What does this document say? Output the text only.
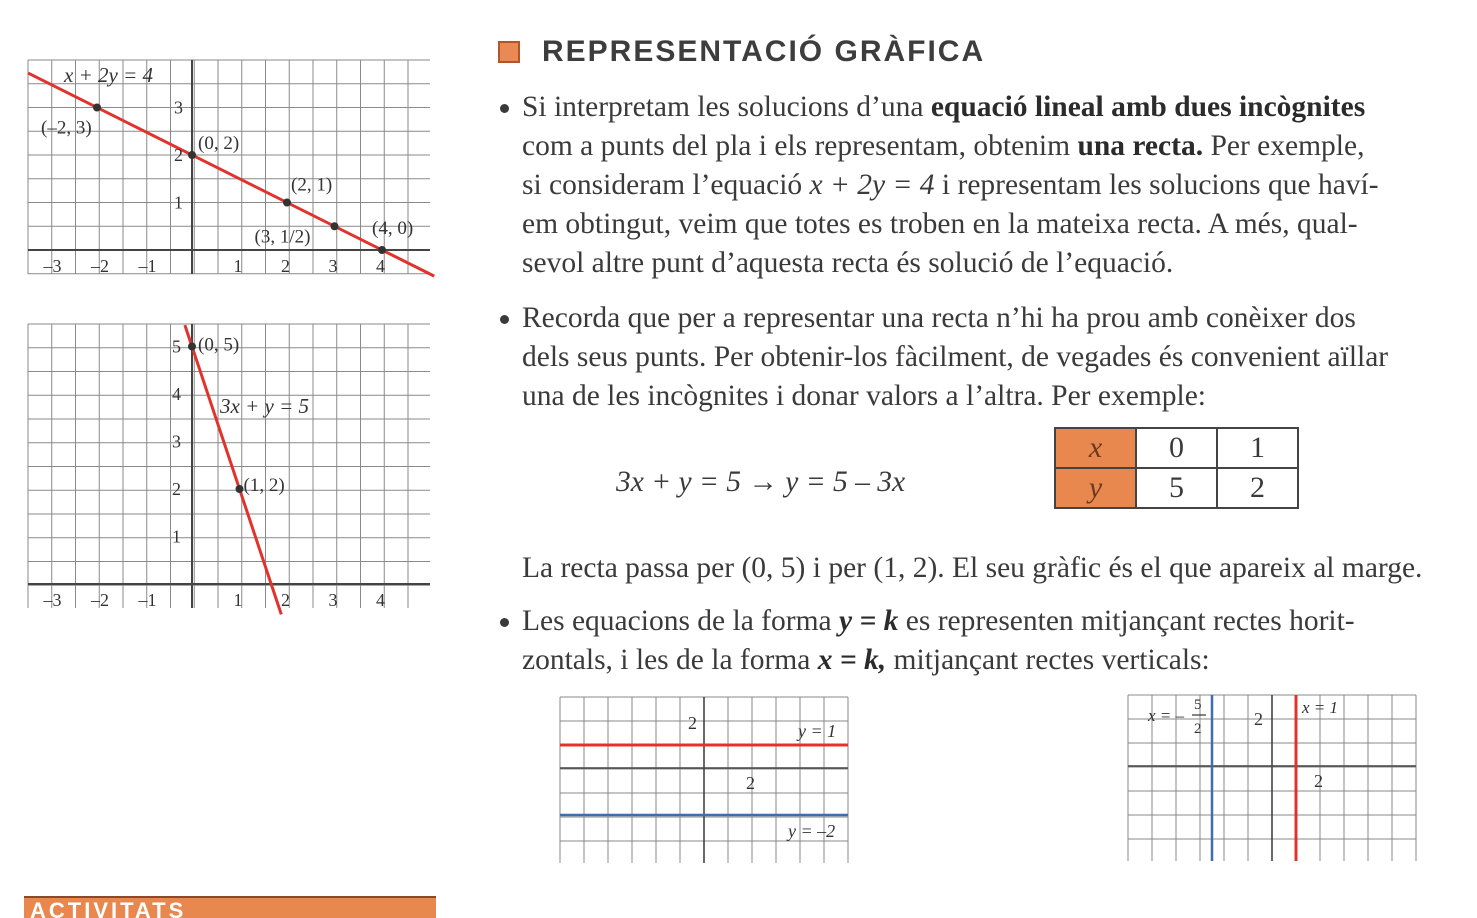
REPRESENTACIÓ GRÀFICA
Si interpretam les solucions d’una equació lineal amb dues incògnites
com a punts del pla i els representam, obtenim una recta. Per exemple,
si consideram l’equació x + 2y = 4 i representam les solucions que haví-
em obtingut, veim que totes es troben en la mateixa recta. A més, qual-
sevol altre punt d’aquesta recta és solució de l’equació.
Recorda que per a representar una recta n’hi ha prou amb conèixer dos
dels seus punts. Per obtenir-los fàcilment, de vegades és convenient aïllar
una de les incògnites i donar valors a l’altra. Per exemple:
3x + y = 5 → y = 5 – 3x
x	0	1
y	5	2
La recta passa per (0, 5) i per (1, 2). El seu gràfic és el que apareix al marge.
Les equacions de la forma y = k es representen mitjançant rectes horit-
zontals, i les de la forma x = k, mitjançant rectes verticals:
(–2, 3)
(0, 2)
(2, 1)
(3, 1/2)	(4, 0)
–3 –2 –1	1 2 3 4
1
2
3
x + 2y = 4
(0, 5)
(1, 2)
–3 –2 –1	1 2 3 4
1
2
3
4
5
3x + y = 5
2
2
y = 1
y = –2
2
2
x = –
5
2
x = 1
ACTIVITATS
